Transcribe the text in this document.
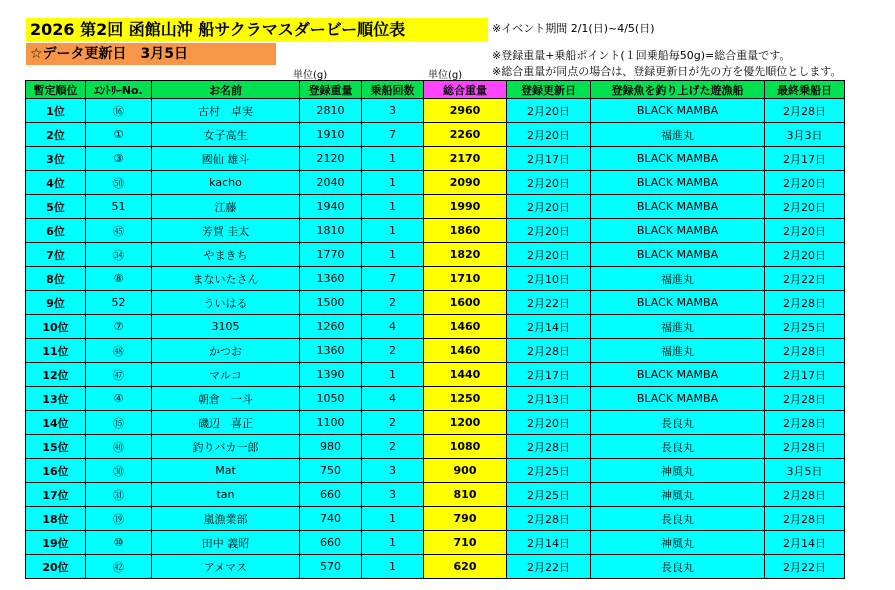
2026 第2回 函館山沖 船サクラマスダービー順位表
☆データ更新日　3月5日
※イベント期間 2/1(日)~4/5(日)
※登録重量+乗船ポイント(１回乗船毎50g)=総合重量です。
※総合重量が同点の場合は、登録更新日が先の方を優先順位とします。
単位(g)	単位(g)
暫定順位	ｴﾝﾄﾘｰNo.	お名前	登録重量	乗船回数	総合重量	登録更新日	登録魚を釣り上げた遊漁船	最終乗船日
1位	⑯	古村　卓実	2810	3	2960	2月20日	BLACK MAMBA	2月28日
2位	①	女子高生	1910	7	2260	2月20日	福進丸	3月3日
3位	③	國仙 雄斗	2120	1	2170	2月17日	BLACK MAMBA	2月17日
4位	㊿	kacho	2040	1	2090	2月20日	BLACK MAMBA	2月20日
5位	51	江藤	1940	1	1990	2月20日	BLACK MAMBA	2月20日
6位	㊺	芳賀 圭太	1810	1	1860	2月20日	BLACK MAMBA	2月20日
7位	㉞	やまきち	1770	1	1820	2月20日	BLACK MAMBA	2月20日
8位	⑧	まないたさん	1360	7	1710	2月10日	福進丸	2月22日
9位	52	ういはる	1500	2	1600	2月22日	BLACK MAMBA	2月28日
10位	⑦	3105	1260	4	1460	2月14日	福進丸	2月25日
11位	㊽	かつお	1360	2	1460	2月28日	福進丸	2月28日
12位	㊼	マルコ	1390	1	1440	2月17日	BLACK MAMBA	2月17日
13位	④	朝倉　一斗	1050	4	1250	2月13日	BLACK MAMBA	2月28日
14位	⑮	磯辺　喜正	1100	2	1200	2月20日	長良丸	2月28日
15位	㊵	釣りバカ一郎	980	2	1080	2月28日	長良丸	2月28日
16位	㉚	Mat	750	3	900	2月25日	神風丸	3月5日
17位	㉛	tan	660	3	810	2月25日	神風丸	2月28日
18位	⑲	嵐漁業部	740	1	790	2月28日	長良丸	2月28日
19位	⑩	田中 義昭	660	1	710	2月14日	神風丸	2月14日
20位	㊷	アメマス	570	1	620	2月22日	長良丸	2月22日
